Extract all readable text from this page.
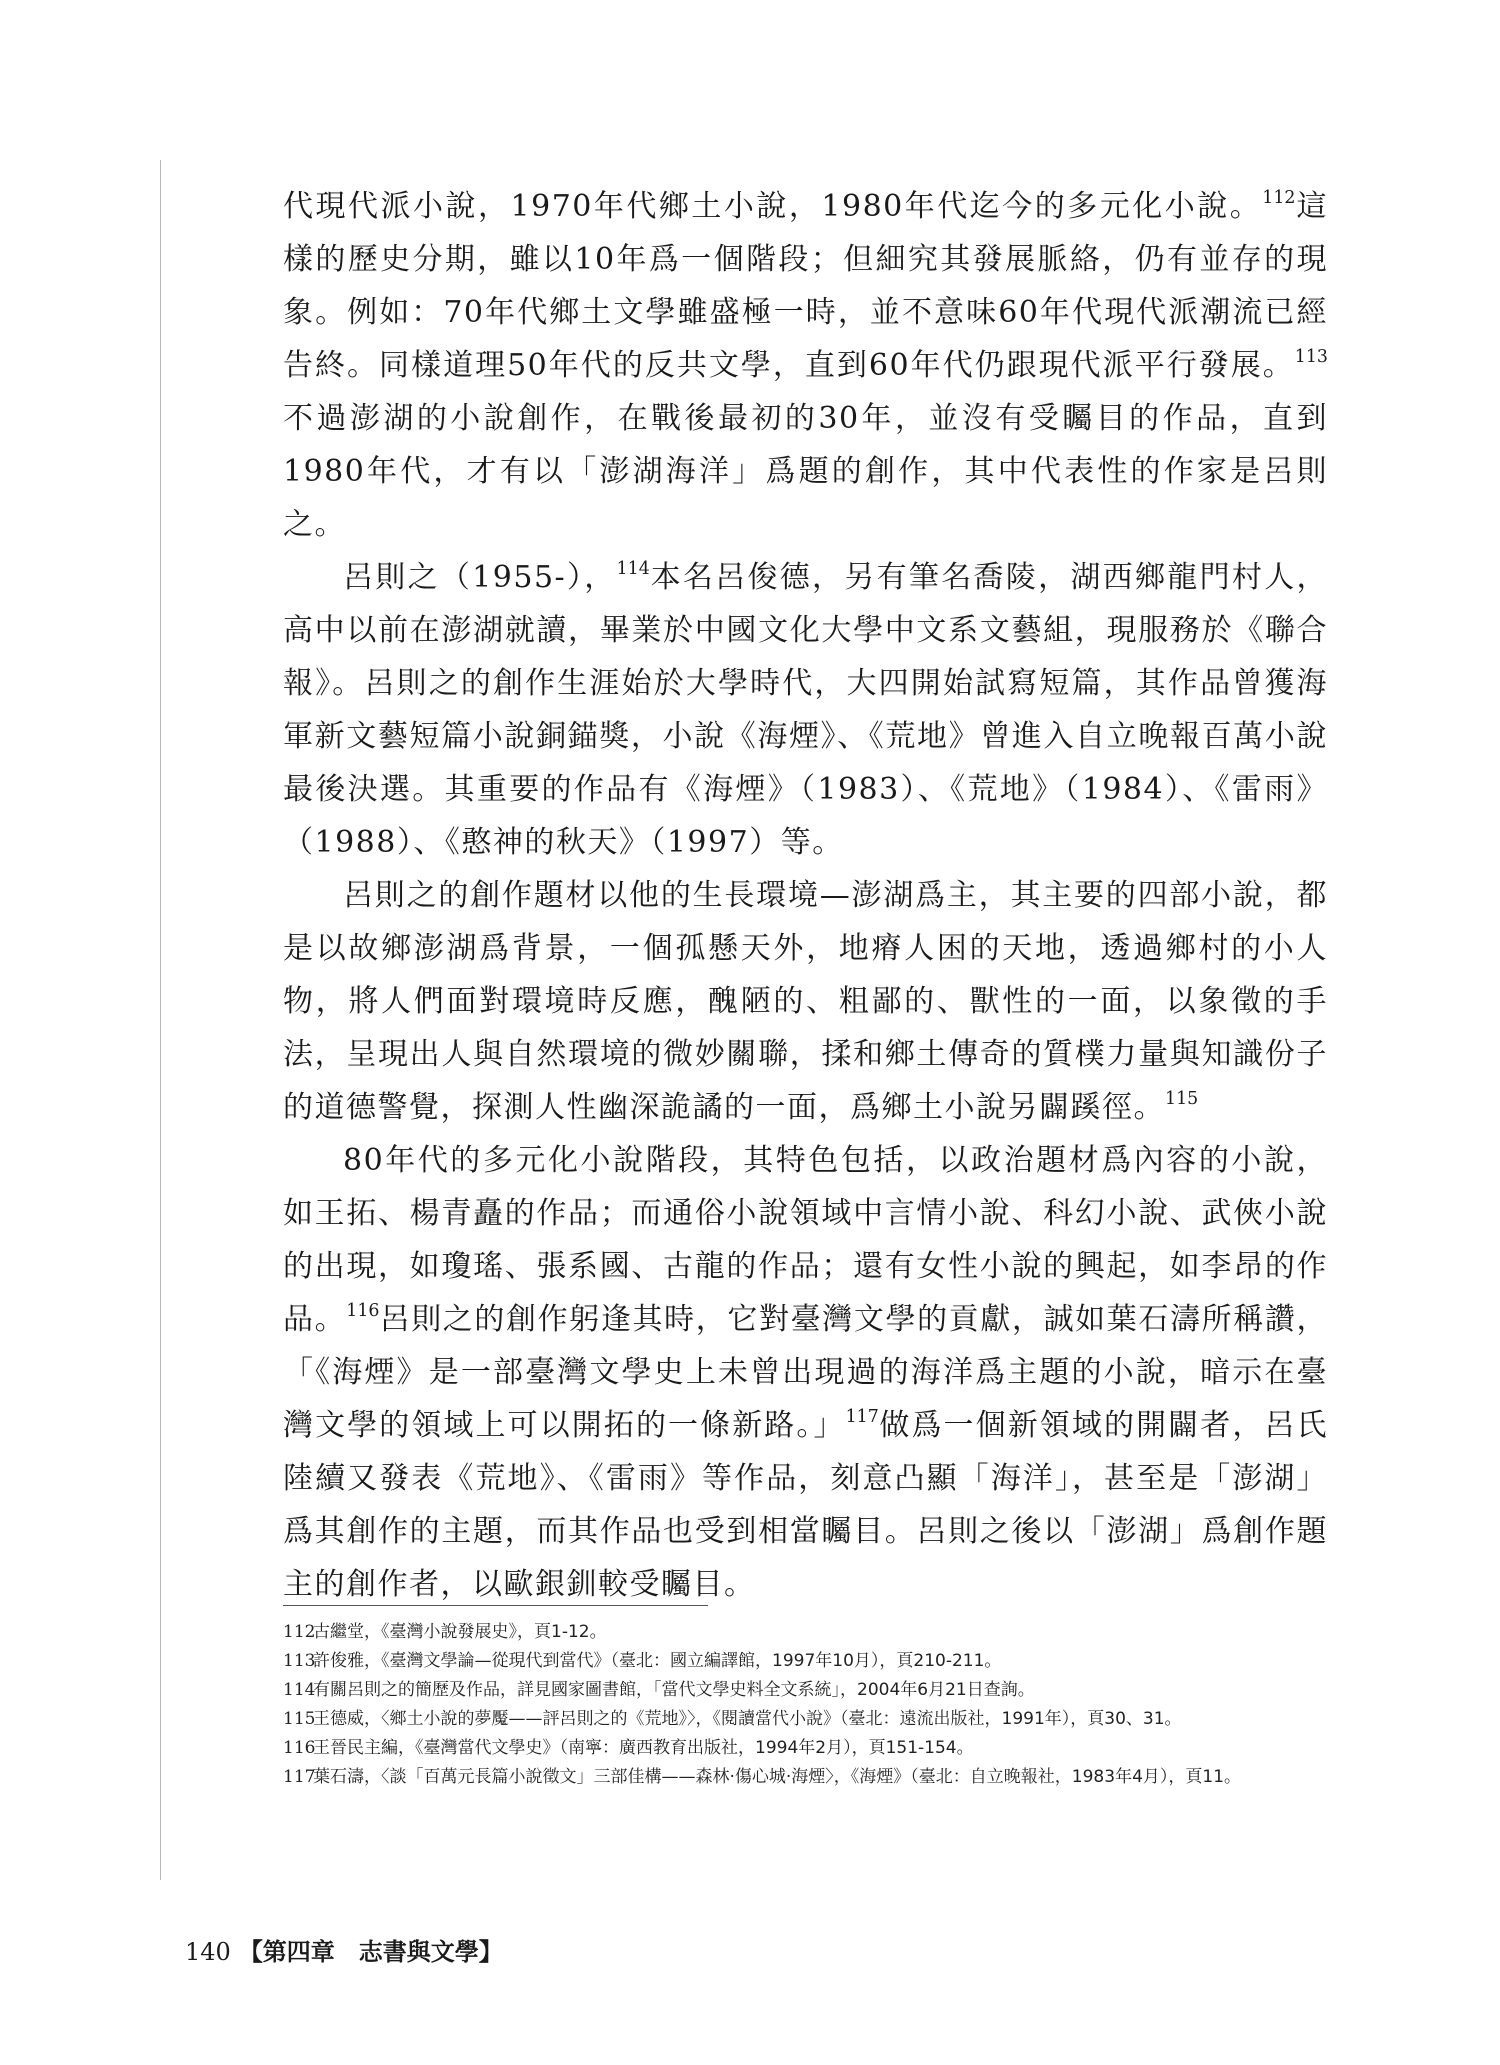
代現代派小說，1970年代鄉土小說，1980年代迄今的多元化小說。$^{112}$這樣的歷史分期，雖以10年爲一個階段；但細究其發展脈絡，仍有並存的現象。例如：70年代鄉土文學雖盛極一時，並不意味60年代現代派潮流已經告終。同樣道理50年代的反共文學，直到60年代仍跟現代派平行發展。$^{113}$不過澎湖的小說創作，在戰後最初的30年，並沒有受矚目的作品，直到1980年代，才有以「澎湖海洋」爲題的創作，其中代表性的作家是呂則之。

呂則之（1955-），$^{114}$本名呂俊德，另有筆名喬陵，湖西鄉龍門村人，高中以前在澎湖就讀，畢業於中國文化大學中文系文藝組，現服務於《聯合報》。呂則之的創作生涯始於大學時代，大四開始試寫短篇，其作品曾獲海軍新文藝短篇小說銅錨獎，小說《海煙》、《荒地》曾進入自立晚報百萬小說最後決選。其重要的作品有《海煙》（1983）、《荒地》（1984）、《雷雨》（1988）、《憨神的秋天》（1997）等。

呂則之的創作題材以他的生長環境—澎湖爲主，其主要的四部小說，都是以故鄉澎湖爲背景，一個孤懸天外，地瘠人困的天地，透過鄉村的小人物，將人們面對環境時反應，醜陋的、粗鄙的、獸性的一面，以象徵的手法，呈現出人與自然環境的微妙關聯，揉和鄉土傳奇的質樸力量與知識份子的道德警覺，探測人性幽深詭譎的一面，爲鄉土小說另闢蹊徑。$^{115}$

80年代的多元化小說階段，其特色包括，以政治題材爲內容的小說，如王拓、楊青矗的作品；而通俗小說領域中言情小說、科幻小說、武俠小說的出現，如瓊瑤、張系國、古龍的作品；還有女性小說的興起，如李昂的作品。$^{116}$呂則之的創作躬逢其時，它對臺灣文學的貢獻，誠如葉石濤所稱讚，「《海煙》是一部臺灣文學史上未曾出現過的海洋爲主題的小說，暗示在臺灣文學的領域上可以開拓的一條新路。」$^{117}$做爲一個新領域的開闢者，呂氏陸續又發表《荒地》、《雷雨》等作品，刻意凸顯「海洋」，甚至是「澎湖」爲其創作的主題，而其作品也受到相當矚目。呂則之後以「澎湖」爲創作題主的創作者，以歐銀釧較受矚目。

112
古繼堂，《臺灣小說發展史》，頁1-12。
113
許俊雅，《臺灣文學論—從現代到當代》（臺北：國立編譯館，1997年10月），頁210-211。
114
有關呂則之的簡歷及作品，詳見國家圖書館，「當代文學史料全文系統」，2004年6月21日查詢。
115
王德威，〈鄉土小說的夢魘——評呂則之的《荒地》〉，《閱讀當代小說》（臺北：遠流出版社，1991年），頁30、31。
116
王晉民主編，《臺灣當代文學史》（南寧：廣西教育出版社，1994年2月），頁151-154。
117
葉石濤，〈談「百萬元長篇小說徵文」三部佳構——森林‧傷心城‧海煙〉，《海煙》（臺北：自立晚報社，1983年4月），頁11。
140 【第四章　志書與文學】
